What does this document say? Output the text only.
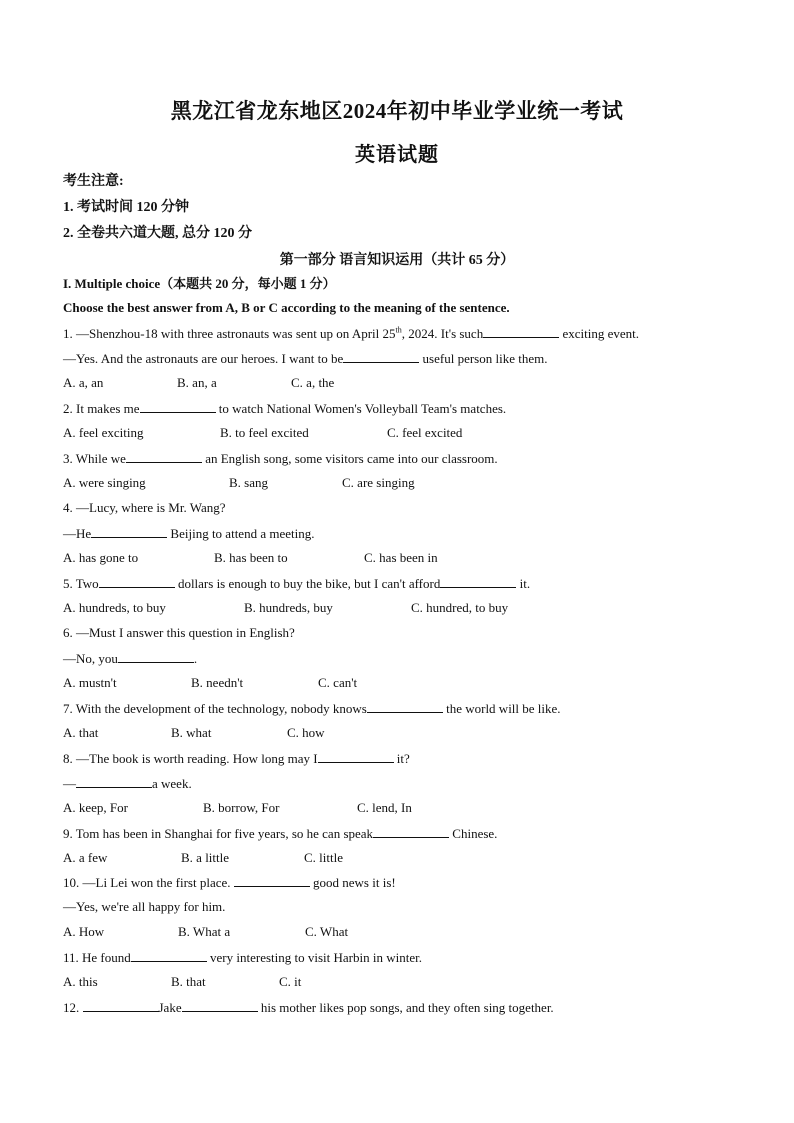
黑龙江省龙东地区2024年初中毕业学业统一考试
英语试题
考生注意:
1. 考试时间 120 分钟
2. 全卷共六道大题, 总分 120 分
第一部分 语言知识运用（共计 65 分）
I. Multiple choice（本题共 20 分，每小题 1 分）
Choose the best answer from A, B or C according to the meaning of the sentence.
1. —Shenzhou-18 with three astronauts was sent up on April 25th, 2024. It's such	exciting event.
—Yes. And the astronauts are our heroes. I want to be	useful person like them.
A. a, an	B. an, a	C. a, the
2. It makes me	to watch National Women's Volleyball Team's matches.
A. feel exciting	B. to feel excited	C. feel excited
3. While we	an English song, some visitors came into our classroom.
A. were singing	B. sang	C. are singing
4. —Lucy, where is Mr. Wang?
—He	Beijing to attend a meeting.
A. has gone to	B. has been to	C. has been in
5. Two	dollars is enough to buy the bike, but I can't afford	it.
A. hundreds, to buy	B. hundreds, buy	C. hundred, to buy
6. —Must I answer this question in English?
—No, you	.
A. mustn't	B. needn't	C. can't
7. With the development of the technology, nobody knows	the world will be like.
A. that	B. what	C. how
8. —The book is worth reading. How long may I	it?
—	a week.
A. keep, For	B. borrow, For	C. lend, In
9. Tom has been in Shanghai for five years, so he can speak	Chinese.
A. a few	B. a little	C. little
10. —Li Lei won the first place.	good news it is!
—Yes, we're all happy for him.
A. How	B. What a	C. What
11. He found	very interesting to visit Harbin in winter.
A. this	B. that	C. it
12.	Jake	his mother likes pop songs, and they often sing together.
